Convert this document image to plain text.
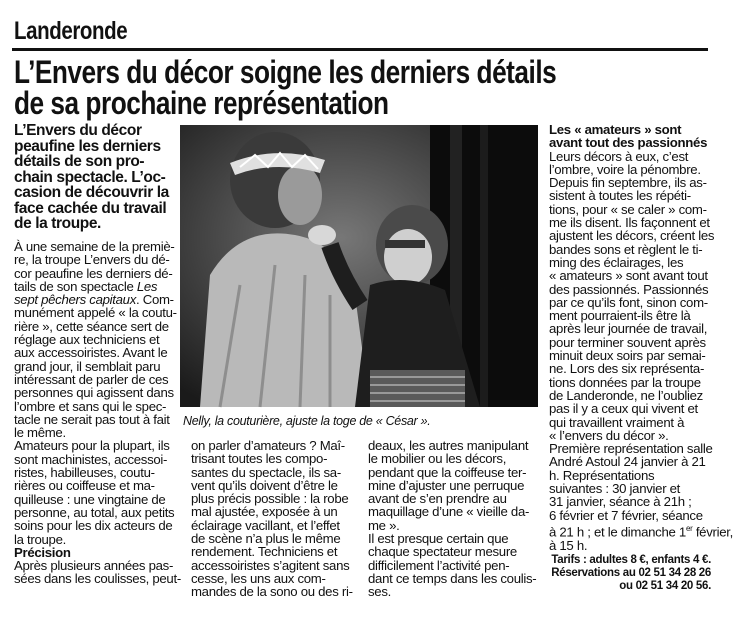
Landeronde
L’Envers du décor soigne les derniers détails
de sa prochaine représentation
L’Envers du décor
peaufine les derniers
détails de son pro-
chain spectacle. L’oc-
casion de découvrir la
face cachée du travail
de la troupe.
À une semaine de la premiè-
re, la troupe L’envers du dé-
cor peaufine les derniers dé-
tails de son spectacle Les
sept pêchers capitaux. Com-
munément appelé « la coutu-
rière », cette séance sert de
réglage aux techniciens et
aux accessoiristes. Avant le
grand jour, il semblait paru
intéressant de parler de ces
personnes qui agissent dans
l’ombre et sans qui le spec-
tacle ne serait pas tout à fait
le même.
Amateurs pour la plupart, ils
sont machinistes, accessoi-
ristes, habilleuses, coutu-
rières ou coiffeuse et ma-
quilleuse : une vingtaine de
personne, au total, aux petits
soins pour les dix acteurs de
la troupe.
Précision
Après plusieurs années pas-
sées dans les coulisses, peut-
Nelly, la couturière, ajuste la toge de « César ».
on parler d’amateurs ? Maî-
trisant toutes les compo-
santes du spectacle, ils sa-
vent qu’ils doivent d’être le
plus précis possible : la robe
mal ajustée, exposée à un
éclairage vacillant, et l’effet
de scène n’a plus le même
rendement. Techniciens et
accessoiristes s’agitent sans
cesse, les uns aux com-
mandes de la sono ou des ri-
deaux, les autres manipulant
le mobilier ou les décors,
pendant que la coiffeuse ter-
mine d’ajuster une perruque
avant de s’en prendre au
maquillage d’une « vieille da-
me ».
Il est presque certain que
chaque spectateur mesure
difficilement l’activité pen-
dant ce temps dans les coulis-
ses.
Les « amateurs » sont
avant tout des passionnés
Leurs décors à eux, c’est
l’ombre, voire la pénombre.
Depuis fin septembre, ils as-
sistent à toutes les répéti-
tions, pour « se caler » com-
me ils disent. Ils façonnent et
ajustent les décors, créent les
bandes sons et règlent le ti-
ming des éclairages, les
« amateurs » sont avant tout
des passionnés. Passionnés
par ce qu’ils font, sinon com-
ment pourraient-ils être là
après leur journée de travail,
pour terminer souvent après
minuit deux soirs par semai-
ne. Lors des six représenta-
tions données par la troupe
de Landeronde, ne l’oubliez
pas il y a ceux qui vivent et
qui travaillent vraiment à
« l’envers du décor ».
Première représentation salle
André Astoul 24 janvier à 21
h. Représentations
suivantes : 30 janvier et
31 janvier, séance à 21h ;
6 février et 7 février, séance
à 21 h ; et le dimanche 1er février,
à 15 h.
Tarifs : adultes 8 €, enfants 4 €.
Réservations au 02 51 34 28 26
ou 02 51 34 20 56.
